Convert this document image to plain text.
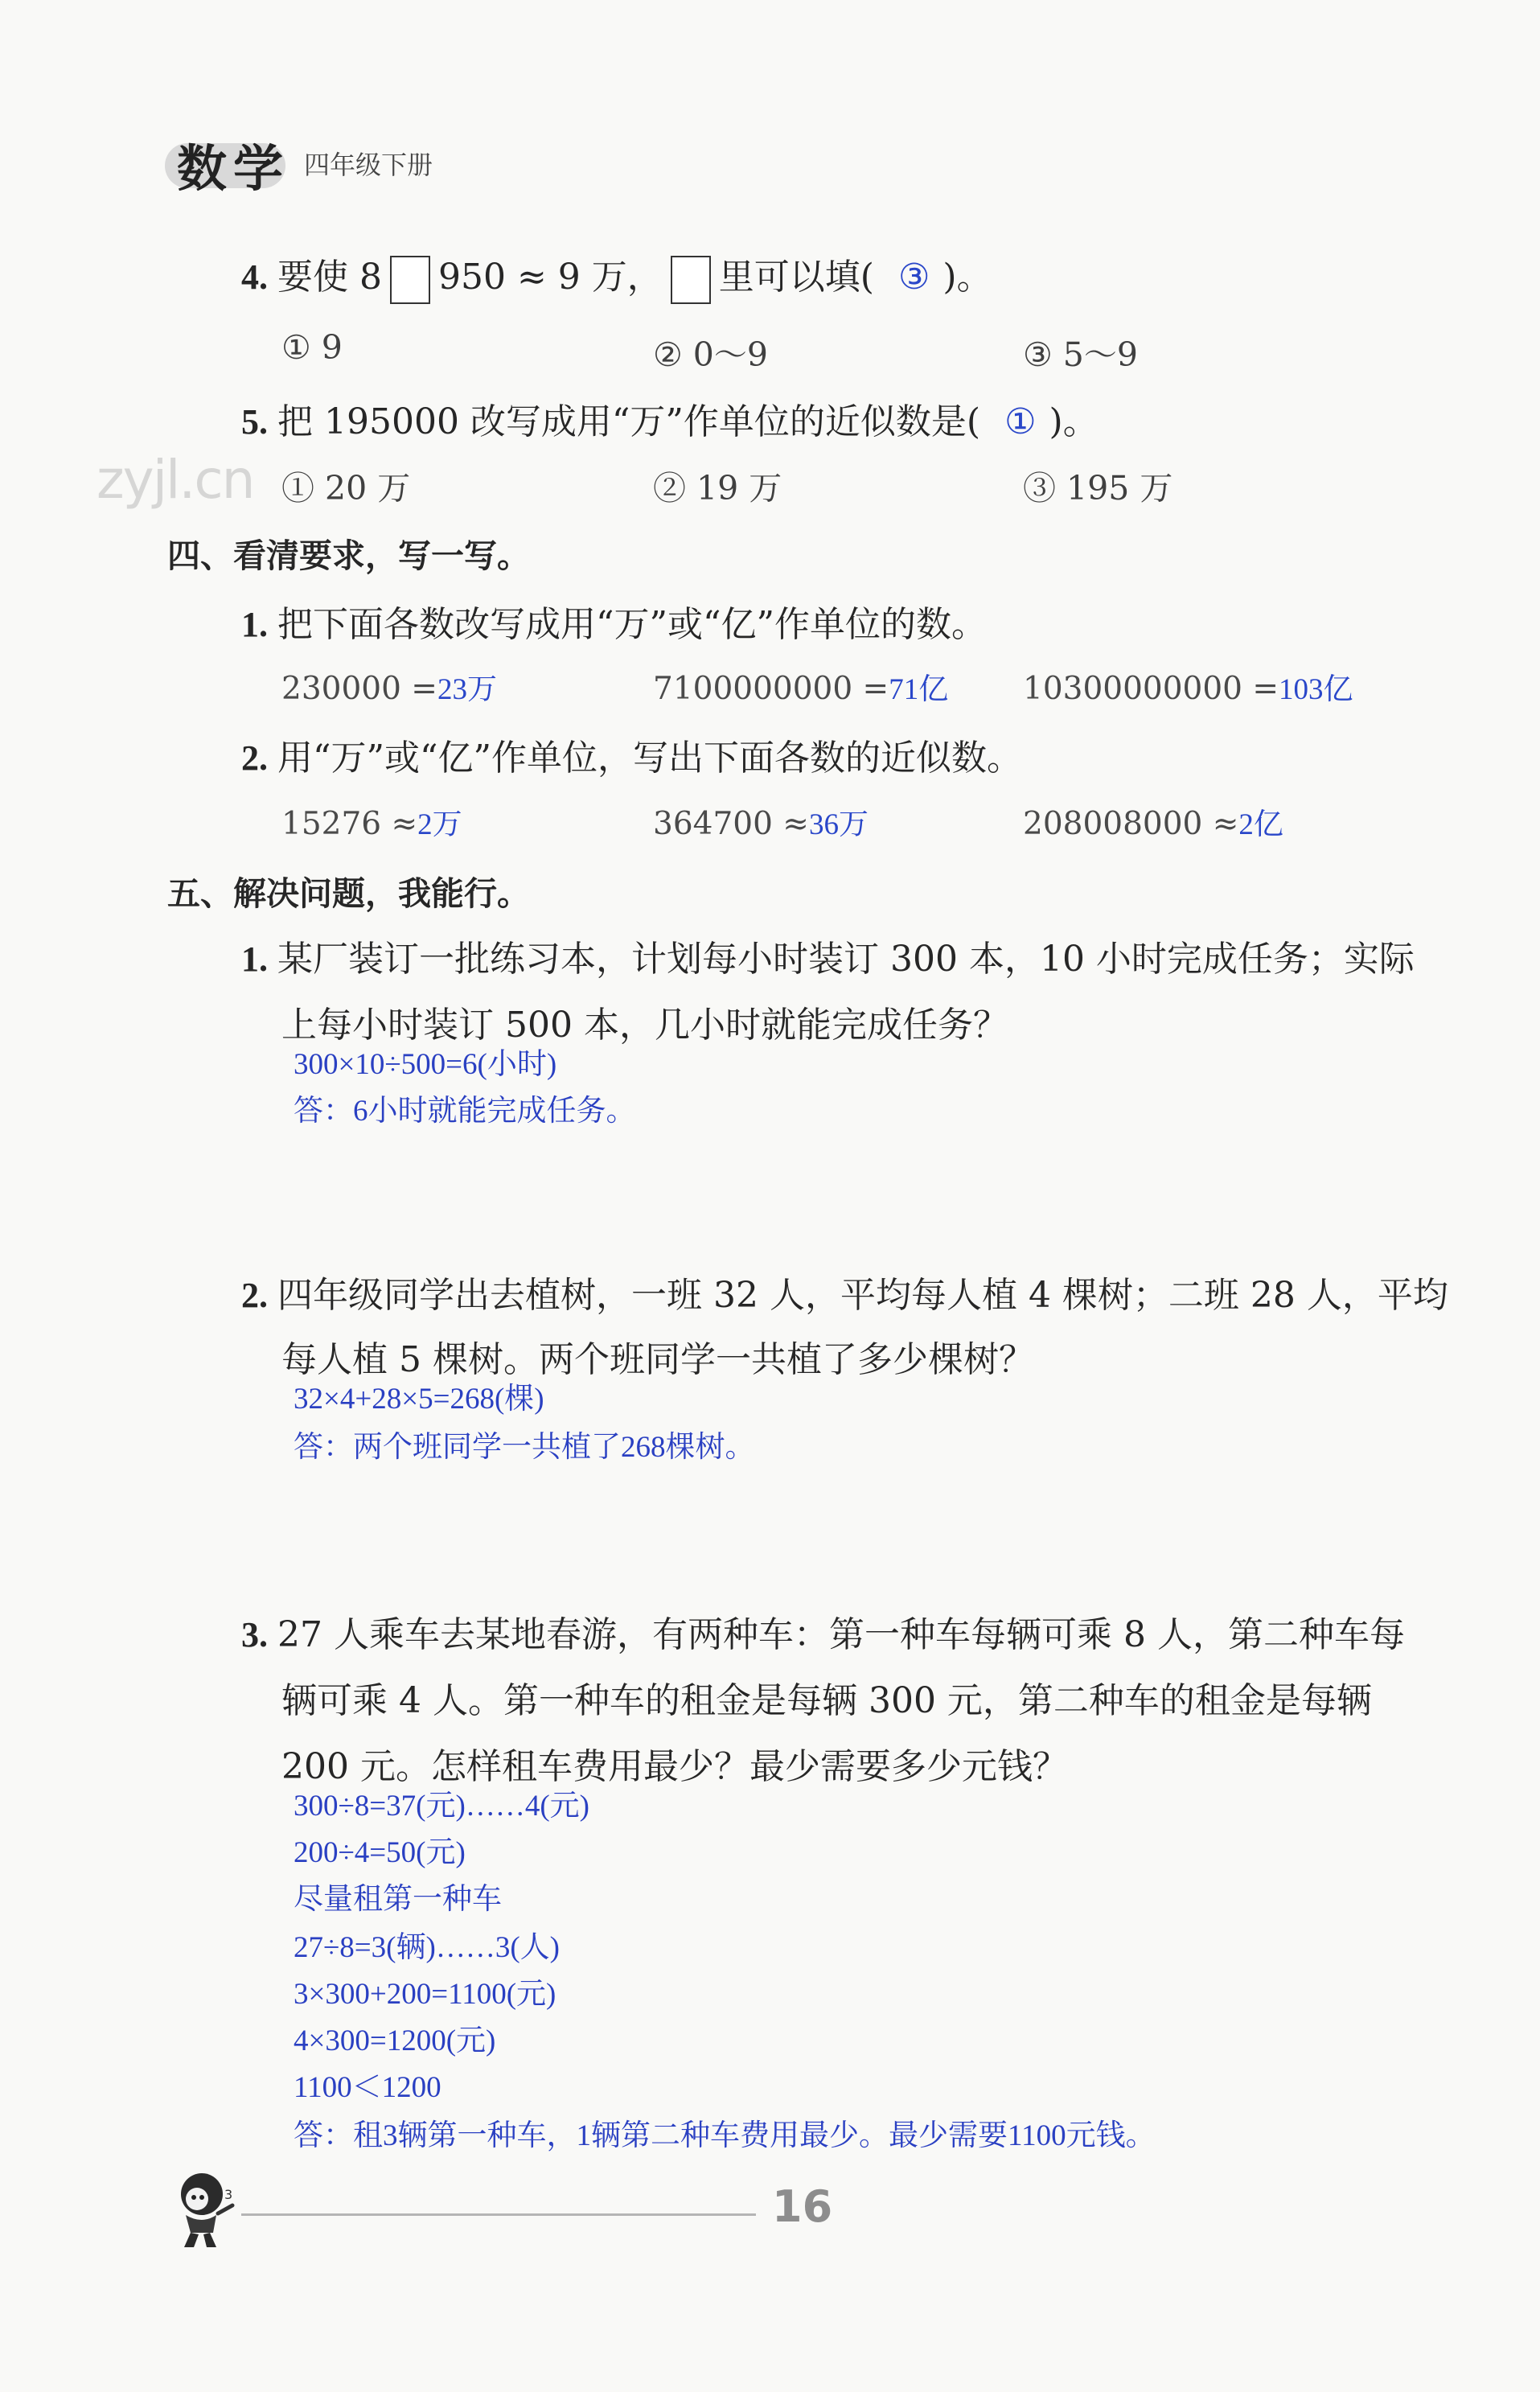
数学 四年级下册
4. 要使 8 950 ≈ 9 万， 里可以填( ③ )。
① 9	② 0～9	③ 5～9
5. 把 195000 改写成用“万”作单位的近似数是( ① )。
zyjl.cn ① 20 万	② 19 万	③ 195 万
四、看清要求，写一写。
1. 把下面各数改写成用“万”或“亿”作单位的数。
230000 =23万	7100000000 =71亿 10300000000 =103亿
2. 用“万”或“亿”作单位，写出下面各数的近似数。
15276 ≈2万	364700 ≈36万	208008000 ≈2亿
五、解决问题，我能行。
1. 某厂装订一批练习本，计划每小时装订 300 本，10 小时完成任务；实际
上每小时装订 500 本，几小时就能完成任务？
300×10÷500=6(小时)
答：6小时就能完成任务。
2. 四年级同学出去植树，一班 32 人，平均每人植 4 棵树；二班 28 人，平均
每人植 5 棵树。两个班同学一共植了多少棵树？
32×4+28×5=268(棵)
答：两个班同学一共植了268棵树。
3. 27 人乘车去某地春游，有两种车：第一种车每辆可乘 8 人，第二种车每
辆可乘 4 人。第一种车的租金是每辆 300 元，第二种车的租金是每辆
200 元。怎样租车费用最少？最少需要多少元钱？
300÷8=37(元)……4(元)
200÷4=50(元)
尽量租第一种车
27÷8=3(辆)……3(人)
3×300+200=1100(元)
4×300=1200(元)
1100＜1200
答：租3辆第一种车，1辆第二种车费用最少。最少需要1100元钱。
3	16
